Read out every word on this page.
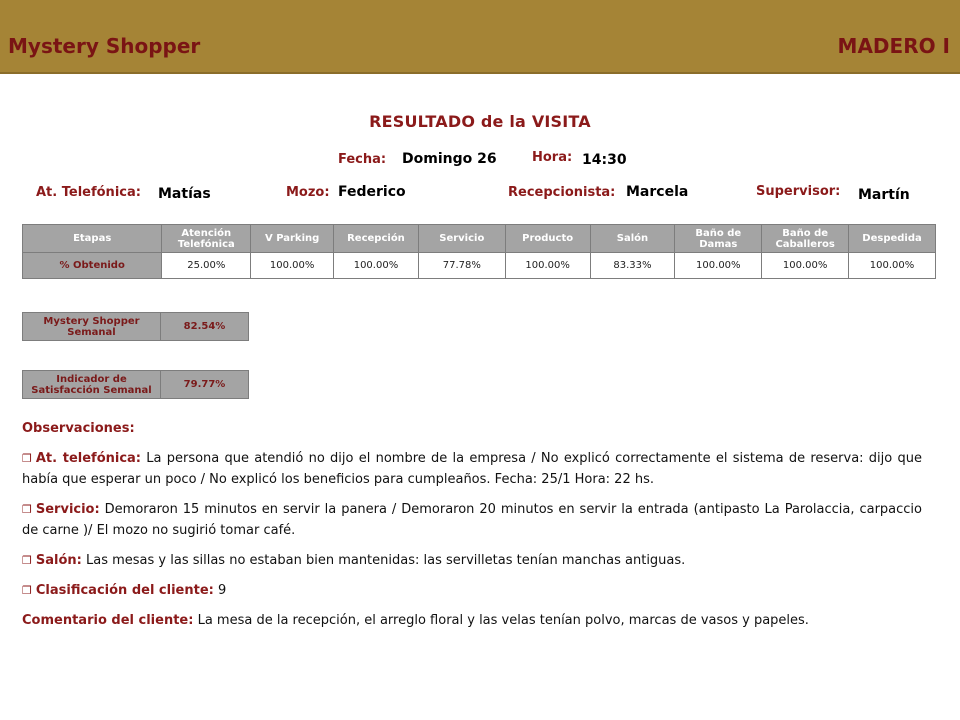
Mystery Shopper	MADERO I
RESULTADO de la VISITA
Fecha: Domingo 26	Hora: 14:30
At. Telefónica: Matías	Mozo: Federico	Recepcionista: Marcela	Supervisor: Martín
Etapas	Atención Telefónica	V Parking	Recepción	Servicio	Producto	Salón	Baño de Damas	Baño de Caballeros	Despedida
% Obtenido	25.00%	100.00%	100.00%	77.78%	100.00%	83.33%	100.00%	100.00%	100.00%
Mystery Shopper Semanal	82.54%
Indicador de Satisfacción Semanal	79.77%

Observaciones:

❒ At. telefónica: La persona que atendió no dijo el nombre de la empresa / No explicó correctamente el sistema de reserva: dijo que había que esperar un poco / No explicó los beneficios para cumpleaños. Fecha: 25/1 Hora: 22 hs.

❒ Servicio: Demoraron 15 minutos en servir la panera / Demoraron 20 minutos en servir la entrada (antipasto La Parolaccia, carpaccio de carne )/ El mozo no sugirió tomar café.

❒ Salón: Las mesas y las sillas no estaban bien mantenidas: las servilletas tenían manchas antiguas.

❒ Clasificación del cliente: 9

Comentario del cliente: La mesa de la recepción, el arreglo floral y las velas tenían polvo, marcas de vasos y papeles.
